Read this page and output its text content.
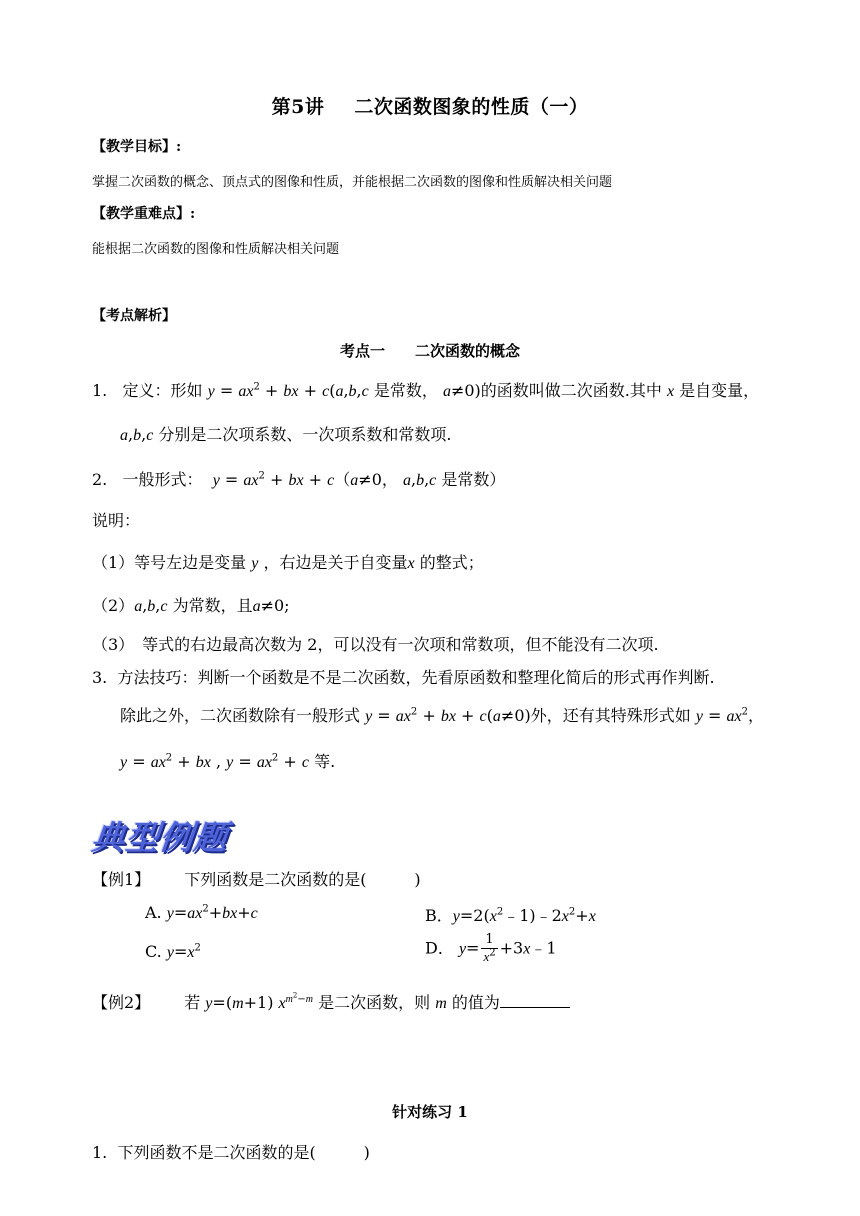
第5讲 二次函数图象的性质（一）
【教学目标】:
掌握二次函数的概念、顶点式的图像和性质，并能根据二次函数的图像和性质解决相关问题
【教学重难点】:
能根据二次函数的图像和性质解决相关问题
【考点解析】
考点一　　二次函数的概念
1. 定义：形如 $y = ax^2$ + bx + c(a,b,c 是常数， a≠0)的函数叫做二次函数.其中 x 是自变量，
a,b,c 分别是二次项系数、一次项系数和常数项.
2. 一般形式： $y = ax^2$ + bx + c（a≠0， a,b,c 是常数）
说明：
（1）等号左边是变量 y ，右边是关于自变量x 的整式；
（2）a,b,c 为常数，且a≠0;
（3）　等式的右边最高次数为 2，可以没有一次项和常数项，但不能没有二次项.
3. 方法技巧：判断一个函数是不是二次函数，先看原函数和整理化简后的形式再作判断.
除此之外，二次函数除有一般形式 $y = ax^2$ + bx + c(a≠0)外，还有其特殊形式如 $y = ax^2$，
$y = ax^2$ + bx , $y = ax^2 + c$ 等.
典型例题
【例1】 下列函数是二次函数的是(　　　)
A. $y=ax^2+bx+c$	B．$y=2(x^2﹣1)﹣2x^2+x$
C. $y=x^2$	D． $y= \frac{1}{x^2}$ +3x﹣1
【例2】 若 y=(m+1) $x^{m^2-m}$ 是二次函数，则 m 的值为
针对练习 1
1. 下列函数不是二次函数的是(　　　)
